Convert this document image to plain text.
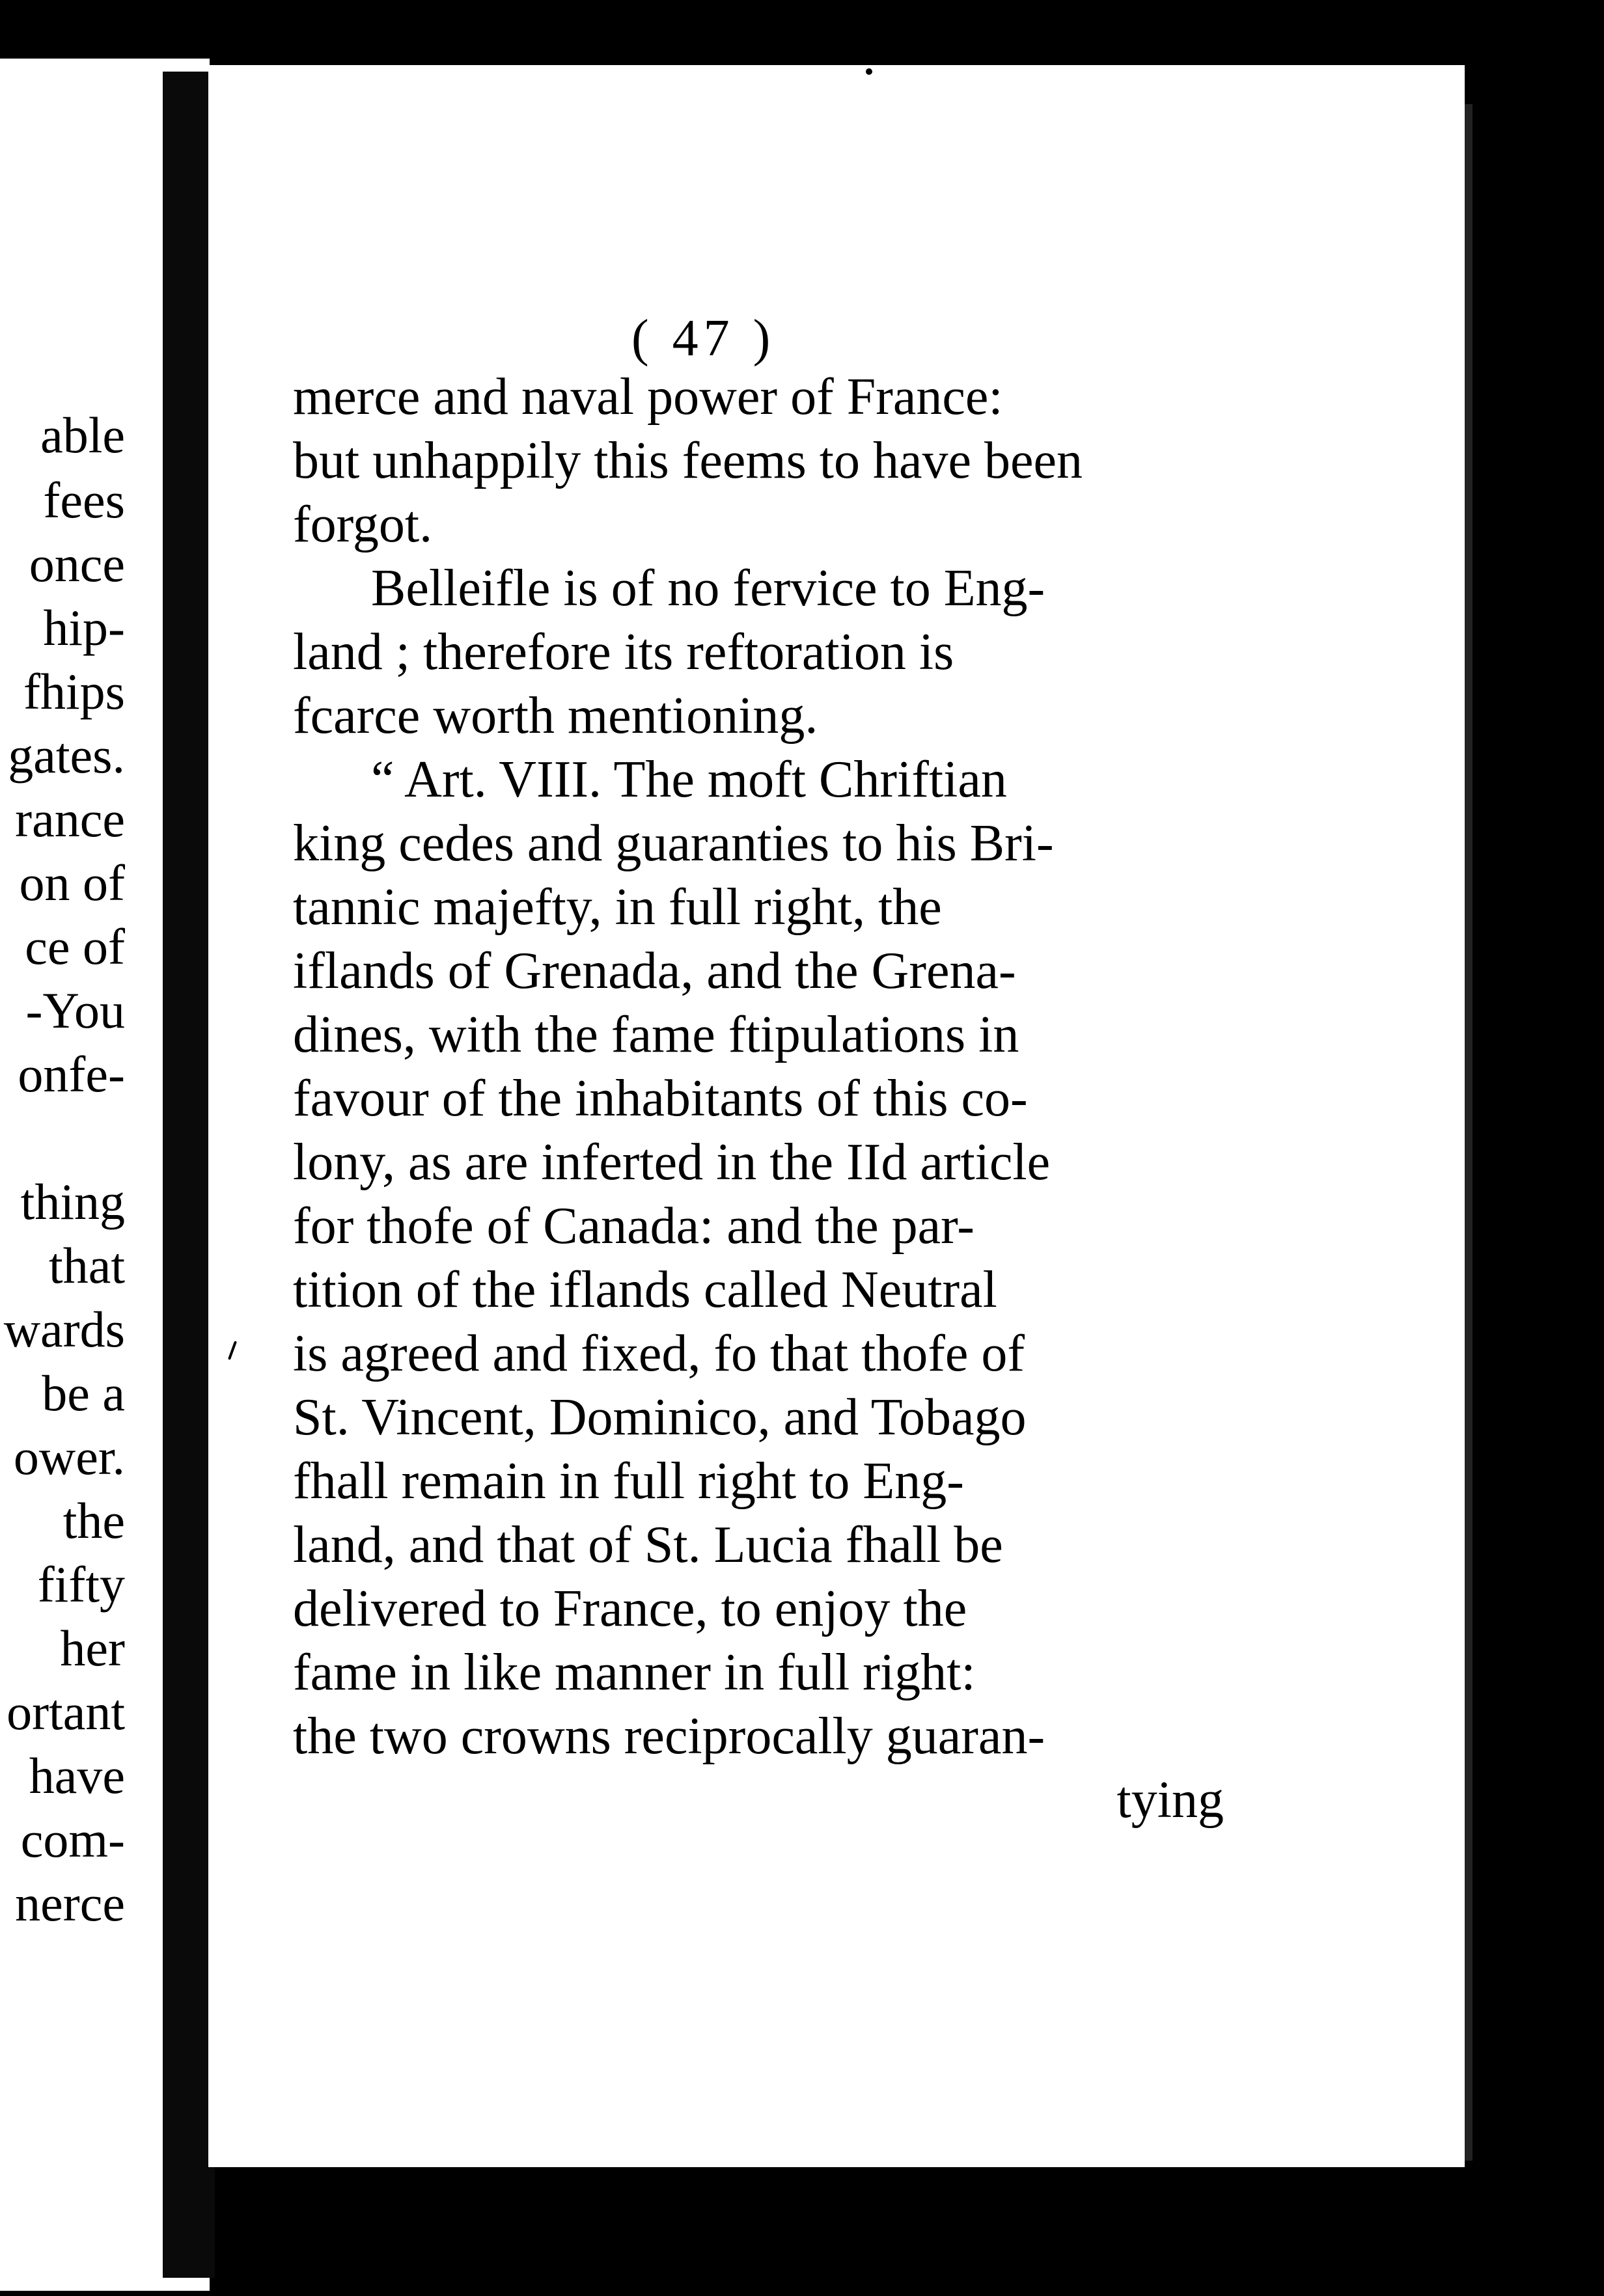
able
fees
once
hip-
fhips
gates.
rance
on of
ce of
-You
onfe-
thing
that
wards
be a
ower.
the
fifty
her
ortant
have
com-
nerce
( 47 )
merce and naval power of France:
but unhappily this feems to have been
forgot.
Belleifle is of no fervice to Eng-
land ; therefore its reftoration is
fcarce worth mentioning.
“ Art. VIII. The moft Chriftian
king cedes and guaranties to his Bri-
tannic majefty, in full right, the
iflands of Grenada, and the Grena-
dines, with the fame ftipulations in
favour of the inhabitants of this co-
lony, as are inferted in the IId article
for thofe of Canada: and the par-
tition of the iflands called Neutral
is agreed and fixed, fo that thofe of
St. Vincent, Dominico, and Tobago
fhall remain in full right to Eng-
land, and that of St. Lucia fhall be
delivered to France, to enjoy the
fame in like manner in full right:
the two crowns reciprocally guaran-
tying
